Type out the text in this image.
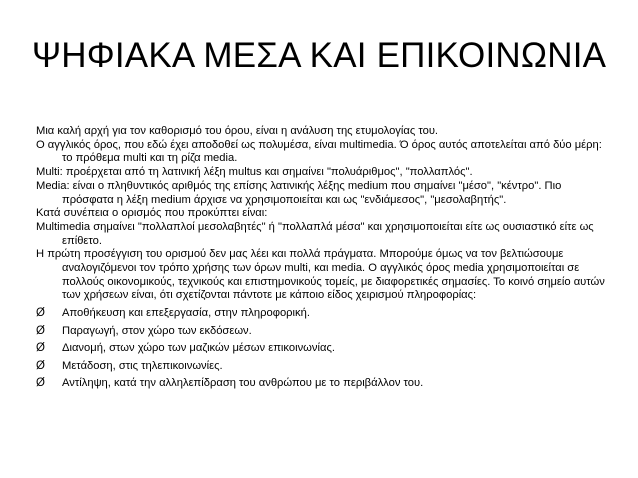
ΨΗΦΙΑΚΑ ΜΕΣΑ ΚΑΙ ΕΠΙΚΟΙΝΩΝΙΑ

Μια καλή αρχή για τον καθορισμό του όρου, είναι η ανάλυση της ετυμολογίας του.

Ο αγγλικός όρος, που εδώ έχει αποδοθεί ως πολυμέσα, είναι multimedia. Ό όρος αυτός αποτελείται από δύο μέρη: το πρόθεμα multi και τη ρίζα media.

Multi: προέρχεται από τη λατινική λέξη multus και σημαίνει "πολυάριθμος", "πολλαπλός".

Media: είναι ο πληθυντικός αριθμός της επίσης λατινικής λέξης medium που σημαίνει "μέσο", "κέντρο". Πιο πρόσφατα η λέξη medium άρχισε να χρησιμοποιείται και ως "ενδιάμεσος", "μεσολαβητής".

Κατά συνέπεια ο ορισμός που προκύπτει είναι:

Multimedia σημαίνει "πολλαπλοί μεσολαβητές" ή "πολλαπλά μέσα" και χρησιμοποιείται είτε ως ουσιαστικό είτε ως επίθετο.

Η πρώτη προσέγγιση του ορισμού δεν μας λέει και πολλά πράγματα. Μπορούμε όμως να τον βελτιώσουμε αναλογιζόμενοι τον τρόπο χρήσης των όρων multi, και media. Ο αγγλικός όρος media χρησιμοποιείται σε πολλούς οικονομικούς, τεχνικούς και επιστημονικούς τομείς, με διαφορετικές σημασίες. Το κοινό σημείο αυτών των χρήσεων είναι, ότι σχετίζονται πάντοτε με κάποιο είδος χειρισμού πληροφορίας:

Ø	Αποθήκευση και επεξεργασία, στην πληροφορική.
Ø	Παραγωγή, στον χώρο των εκδόσεων.
Ø	Διανομή, στων χώρο των μαζικών μέσων επικοινωνίας.
Ø	Μετάδοση, στις τηλεπικοινωνίες.
Ø	Αντίληψη, κατά την αλληλεπίδραση του ανθρώπου με το περιβάλλον του.
